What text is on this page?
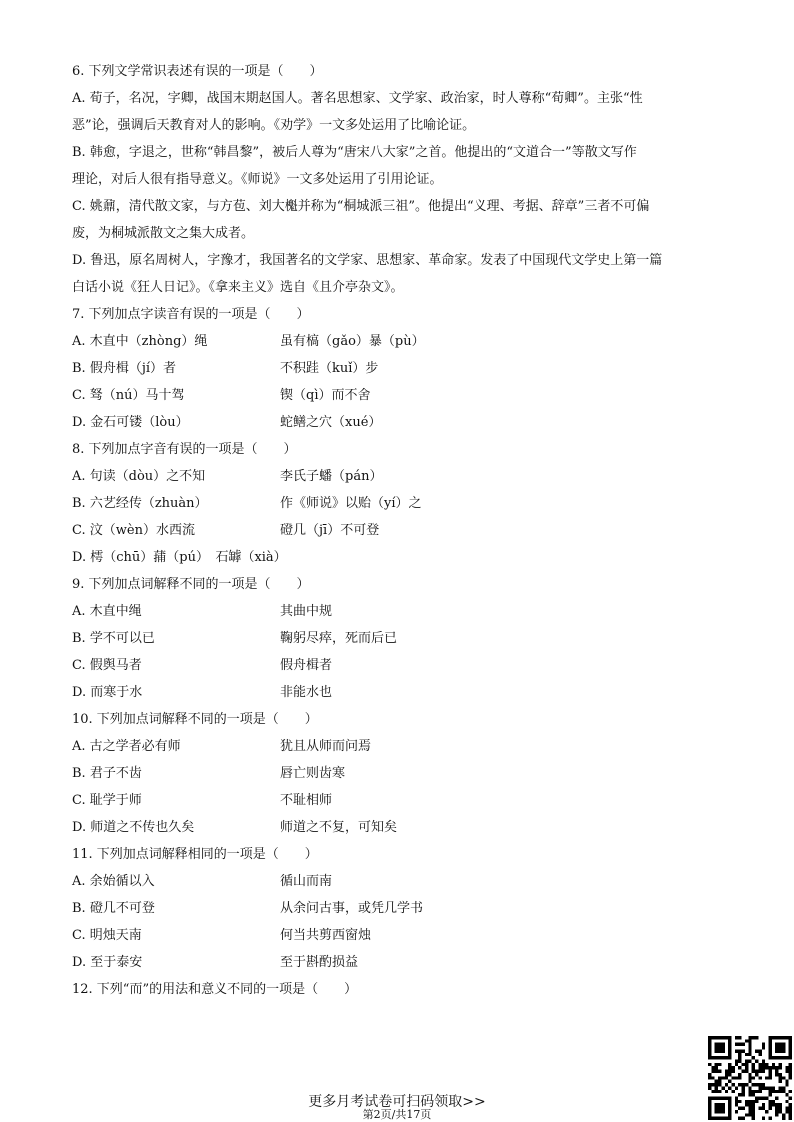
6. 下列文学常识表述有误的一项是（　　）
A. 荀子，名况，字卿，战国末期赵国人。著名思想家、文学家、政治家，时人尊称“荀卿”。主张“性
恶”论，强调后天教育对人的影响。《劝学》一文多处运用了比喻论证。
B. 韩愈，字退之，世称“韩昌黎”，被后人尊为“唐宋八大家”之首。他提出的“文道合一”等散文写作
理论，对后人很有指导意义。《师说》一文多处运用了引用论证。
C. 姚鼐，清代散文家，与方苞、刘大櫆并称为“桐城派三祖”。他提出“义理、考据、辞章”三者不可偏
废，为桐城派散文之集大成者。
D. 鲁迅，原名周树人，字豫才，我国著名的文学家、思想家、革命家。发表了中国现代文学史上第一篇
白话小说《狂人日记》。《拿来主义》选自《且介亭杂文》。
7. 下列加点字读音有误的一项是（　　）
A. 木直中（zhòng）绳	虽有槁（gǎo）暴（pù）
B. 假舟楫（jí）者	不积跬（kuǐ）步
C. 驽（nú）马十驾	锲（qì）而不舍
D. 金石可镂（lòu）	蛇鳝之穴（xué）
8. 下列加点字音有误的一项是（　　）
A. 句读（dòu）之不知	李氏子蟠（pán）
B. 六艺经传（zhuàn）	作《师说》以贻（yí）之
C. 汶（wèn）水西流	磴几（jī）不可登
D. 樗（chū）蒱（pú）　石罅（xià）
9. 下列加点词解释不同的一项是（　　）
A. 木直中绳	其曲中规
B. 学不可以已	鞠躬尽瘁，死而后已
C. 假舆马者	假舟楫者
D. 而寒于水	非能水也
10. 下列加点词解释不同的一项是（　　）
A. 古之学者必有师	犹且从师而问焉
B. 君子不齿	唇亡则齿寒
C. 耻学于师	不耻相师
D. 师道之不传也久矣	师道之不复，可知矣
11. 下列加点词解释相同的一项是（　　）
A. 余始循以入	循山而南
B. 磴几不可登	从余问古事，或凭几学书
C. 明烛天南	何当共剪西窗烛
D. 至于泰安	至于斟酌损益
12. 下列“而”的用法和意义不同的一项是（　　）
更多月考试卷可扫码领取>>
第2页/共17页
